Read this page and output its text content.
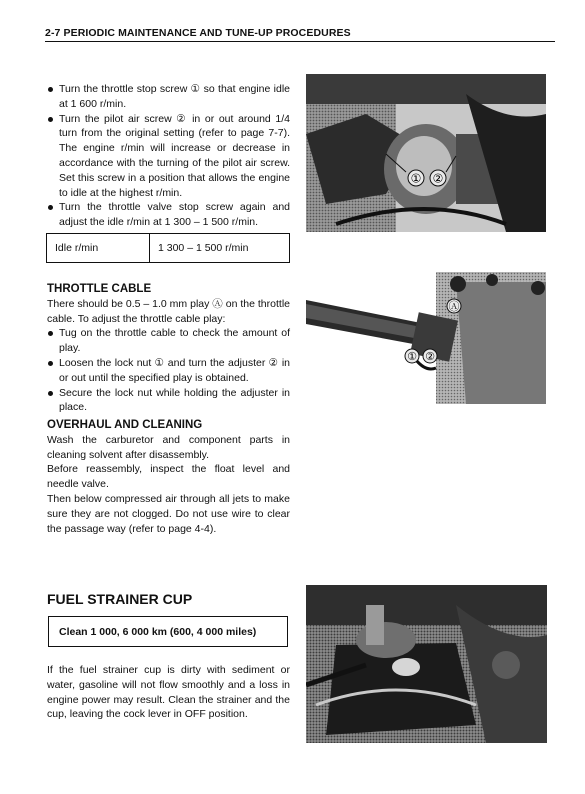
2-7 PERIODIC MAINTENANCE AND TUNE-UP PROCEDURES
Turn the throttle stop screw ① so that engine idle at 1 600 r/min.
Turn the pilot air screw ② in or out around 1/4 turn from the original setting (refer to page 7-7). The engine r/min will increase or decrease in accordance with the turning of the pilot air screw. Set this screw in a position that allows the engine to idle at the highest r/min.
Turn the throttle valve stop screw again and adjust the idle r/min at 1 300 – 1 500 r/min.
Idle r/min	1 300 – 1 500 r/min
① ②
THROTTLE CABLE

There should be 0.5 – 1.0 mm play Ⓐ on the throttle cable. To adjust the throttle cable play:

Tug on the throttle cable to check the amount of play.
Loosen the lock nut ① and turn the adjuster ② in or out until the specified play is obtained.
Secure the lock nut while holding the adjuster in place.
Ⓐ
① ②
OVERHAUL AND CLEANING

Wash the carburetor and component parts in cleaning solvent after disassembly.

Before reassembly, inspect the float level and needle valve.

Then below compressed air through all jets to make sure they are not clogged. Do not use wire to clear the passage way (refer to page 4-4).

FUEL STRAINER CUP
Clean 1 000, 6 000 km (600, 4 000 miles)

If the fuel strainer cup is dirty with sediment or water, gasoline will not flow smoothly and a loss in engine power may result. Clean the strainer and the cup, leaving the cock lever in OFF position.
